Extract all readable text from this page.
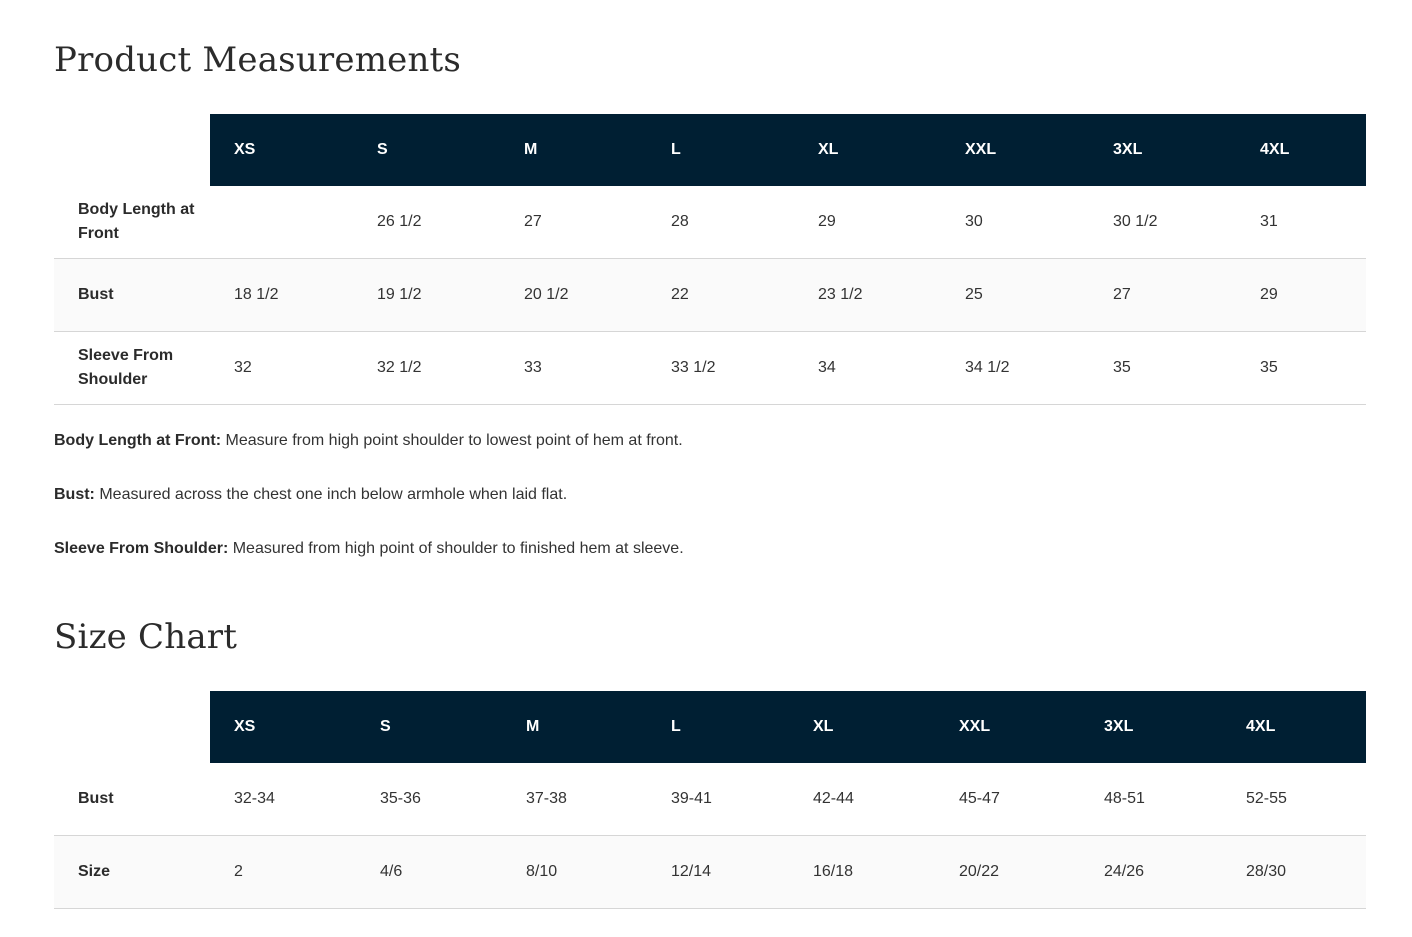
Product Measurements
	XS	S	M	L	XL	XXL	3XL	4XL
Body Length at Front		26 1/2	27	28	29	30	30 1/2	31
Bust	18 1/2	19 1/2	20 1/2	22	23 1/2	25	27	29
Sleeve From Shoulder	32	32 1/2	33	33 1/2	34	34 1/2	35	35

Body Length at Front: Measure from high point shoulder to lowest point of hem at front.

Bust: Measured across the chest one inch below armhole when laid flat.

Sleeve From Shoulder: Measured from high point of shoulder to finished hem at sleeve.

Size Chart
	XS	S	M	L	XL	XXL	3XL	4XL
Bust	32-34	35-36	37-38	39-41	42-44	45-47	48-51	52-55
Size	2	4/6	8/10	12/14	16/18	20/22	24/26	28/30
